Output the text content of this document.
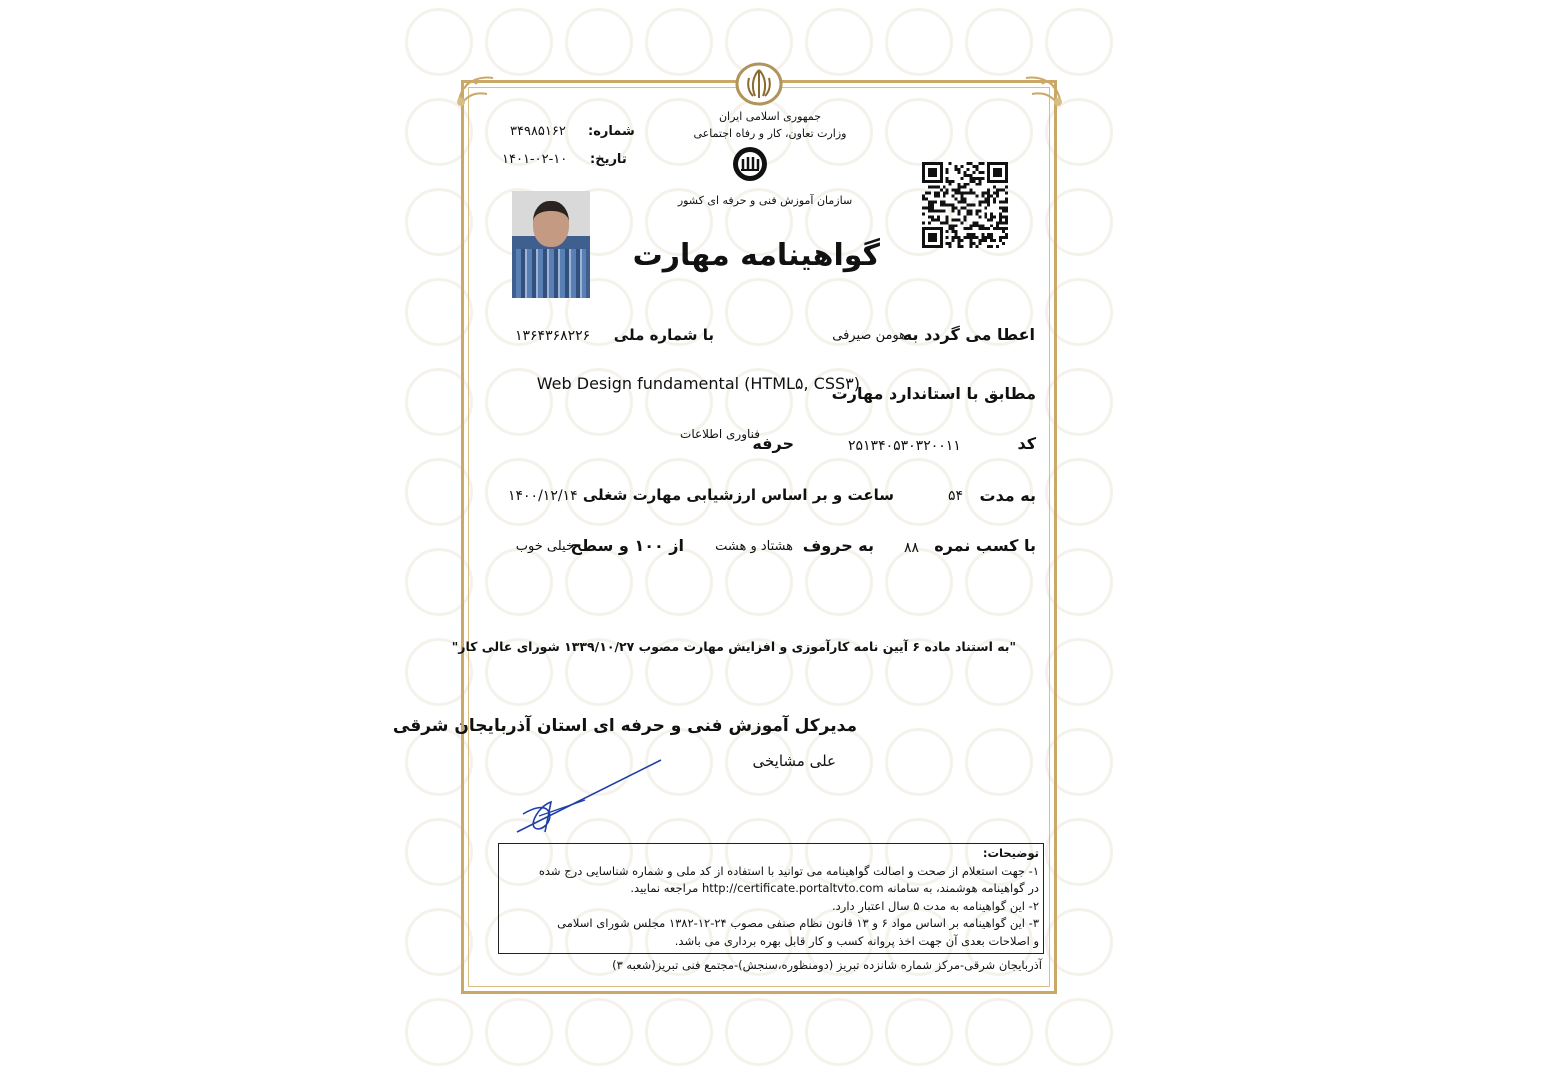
جمهوری اسلامی ایران
وزارت تعاون، کار و رفاه اجتماعی
سازمان آموزش فنی و حرفه ای کشور
شماره:
۳۴۹۸۵۱۶۲
تاریخ:
۱۴۰۱-۰۲-۱۰
گواهینامه مهارت
اعطا می گردد به
هومن صیرفی
با شماره ملی
۱۳۶۴۳۶۸۲۲۶
مطابق با استاندارد مهارت
Web Design fundamental (HTML۵, CSS۳)
کد
۲۵۱۳۴۰۵۳۰۳۲۰۰۱۱
حرفه
فناوری اطلاعات
به مدت
۵۴
ساعت و بر اساس ارزشیابی مهارت شغلی
۱۴۰۰/۱۲/۱۴
با کسب نمره
۸۸
به حروف
هشتاد و هشت
از ۱۰۰ و سطح
خیلی خوب
"به استناد ماده ۶ آیین نامه کارآموزی و افزایش مهارت مصوب ۱۳۳۹/۱۰/۲۷ شورای عالی کار"
مدیرکل آموزش فنی و حرفه ای استان آذربایجان شرقی
علی مشایخی

توضیحات:

۱- جهت استعلام از صحت و اصالت گواهینامه می توانید با استفاده از کد ملی و شماره شناسایی درج شده

در گواهینامه هوشمند، به سامانه http://certificate.portaltvto.com مراجعه نمایید.

۲- این گواهینامه به مدت ۵ سال اعتبار دارد.

۳- این گواهینامه بر اساس مواد ۶ و ۱۳ قانون نظام صنفی مصوب ۲۴-۱۲-۱۳۸۲ مجلس شورای اسلامی

و اصلاحات بعدی آن جهت اخذ پروانه کسب و کار قابل بهره برداری می باشد.

آذربایجان شرقی-مرکز شماره شانزده تبریز (دومنظوره،سنجش)-مجتمع فنی تبریز(شعبه ۳)
